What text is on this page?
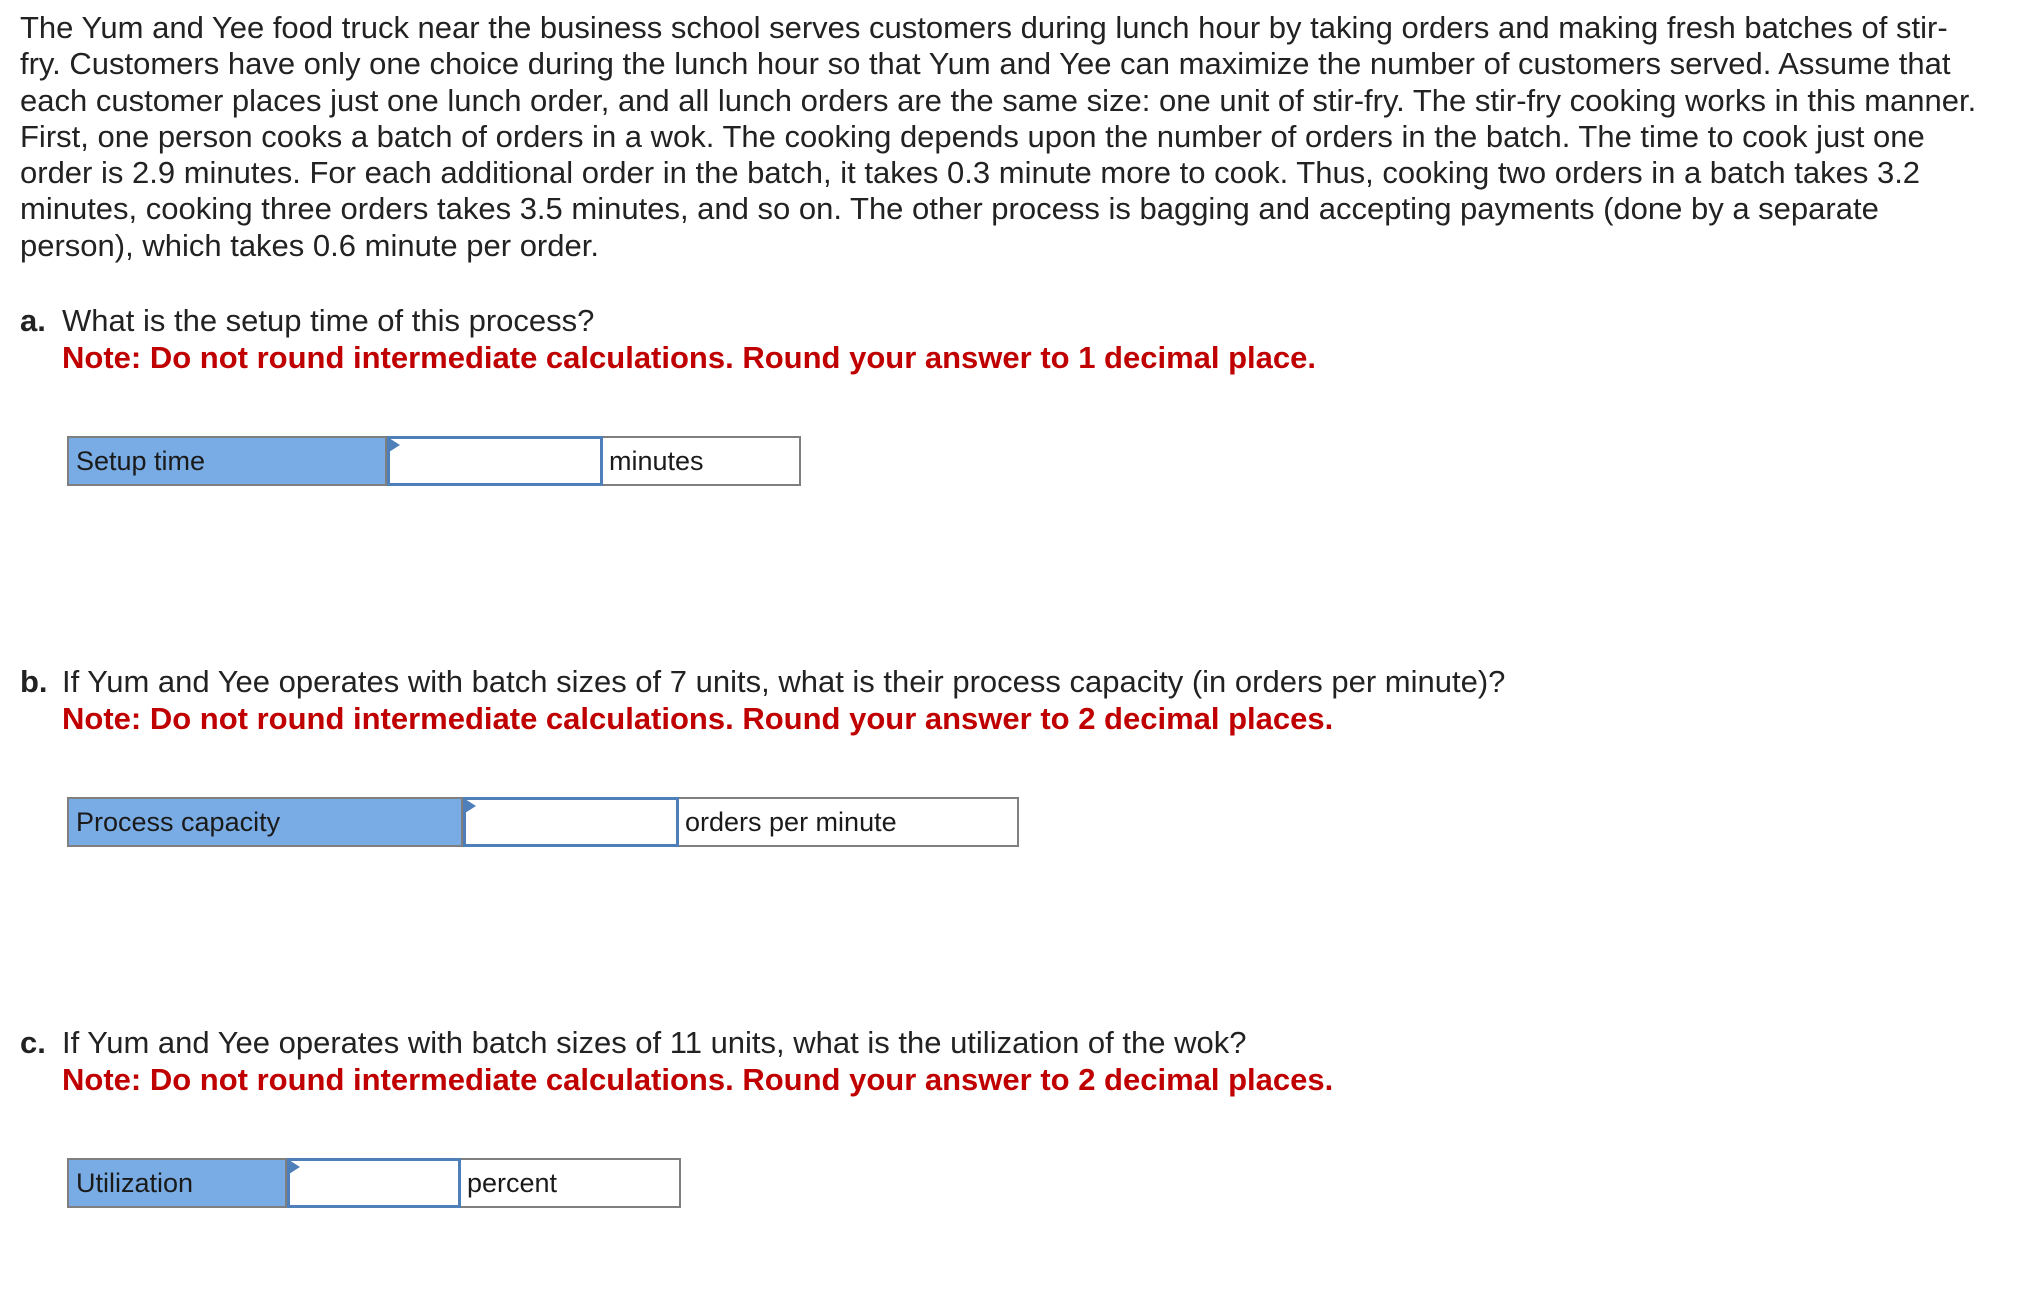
The Yum and Yee food truck near the business school serves customers during lunch hour by taking orders and making fresh batches of stir-fry. Customers have only one choice during the lunch hour so that Yum and Yee can maximize the number of customers served. Assume that each customer places just one lunch order, and all lunch orders are the same size: one unit of stir-fry. The stir-fry cooking works in this manner. First, one person cooks a batch of orders in a wok. The cooking depends upon the number of orders in the batch. The time to cook just one order is 2.9 minutes. For each additional order in the batch, it takes 0.3 minute more to cook. Thus, cooking two orders in a batch takes 3.2 minutes, cooking three orders takes 3.5 minutes, and so on. The other process is bagging and accepting payments (done by a separate person), which takes 0.6 minute per order.

a. What is the setup time of this process?
Note: Do not round intermediate calculations. Round your answer to 1 decimal place.
Setup time	minutes
b. If Yum and Yee operates with batch sizes of 7 units, what is their process capacity (in orders per minute)?
Note: Do not round intermediate calculations. Round your answer to 2 decimal places.
Process capacity	orders per minute
c. If Yum and Yee operates with batch sizes of 11 units, what is the utilization of the wok?
Note: Do not round intermediate calculations. Round your answer to 2 decimal places.
Utilization	percent
